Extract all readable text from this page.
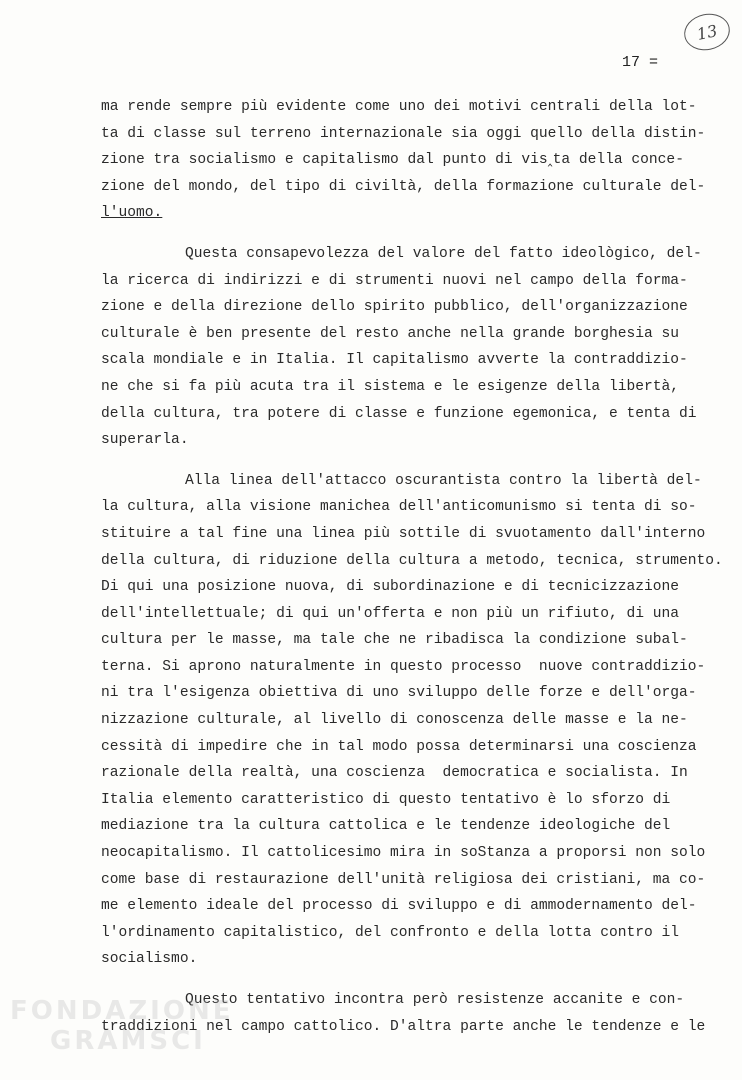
13
17 =
ma rende sempre più evidente come uno dei motivi centrali della lot-
ta di classe sul terreno internazionale sia oggi quello della distin-
zione tra socialismo e capitalismo dal punto di vis‸ta della conce-
zione del mondo, del tipo di civiltà, della formazione culturale del-
l'uomo.
Questa consapevolezza del valore del fatto ideològico, del-
la ricerca di indirizzi e di strumenti nuovi nel campo della forma-
zione e della direzione dello spirito pubblico, dell'organizzazione
culturale è ben presente del resto anche nella grande borghesia su
scala mondiale e in Italia. Il capitalismo avverte la contraddizio-
ne che si fa più acuta tra il sistema e le esigenze della libertà,
della cultura, tra potere di classe e funzione egemonica, e tenta di
superarla.
Alla linea dell'attacco oscurantista contro la libertà del-
la cultura, alla visione manichea dell'anticomunismo si tenta di so-
stituire a tal fine una linea più sottile di svuotamento dall'interno
della cultura, di riduzione della cultura a metodo, tecnica, strumento.
Di qui una posizione nuova, di subordinazione e di tecnicizzazione
dell'intellettuale; di qui un'offerta e non più un rifiuto, di una
cultura per le masse, ma tale che ne ribadisca la condizione subal-
terna. Si aprono naturalmente in questo processo  nuove contraddizio-
ni tra l'esigenza obiettiva di uno sviluppo delle forze e dell'orga-
nizzazione culturale, al livello di conoscenza delle masse e la ne-
cessità di impedire che in tal modo possa determinarsi una coscienza
razionale della realtà, una coscienza  democratica e socialista. In
Italia elemento caratteristico di questo tentativo è lo sforzo di
mediazione tra la cultura cattolica e le tendenze ideologiche del
neocapitalismo. Il cattolicesimo mira in soStanza a proporsi non solo
come base di restaurazione dell'unità religiosa dei cristiani, ma co-
me elemento ideale del processo di sviluppo e di ammodernamento del-
l'ordinamento capitalistico, del confronto e della lotta contro il
socialismo.
Questo tentativo incontra però resistenze accanite e con-
traddizioni nel campo cattolico. D'altra parte anche le tendenze e le
FONDAZIONE
GRAMSCI
